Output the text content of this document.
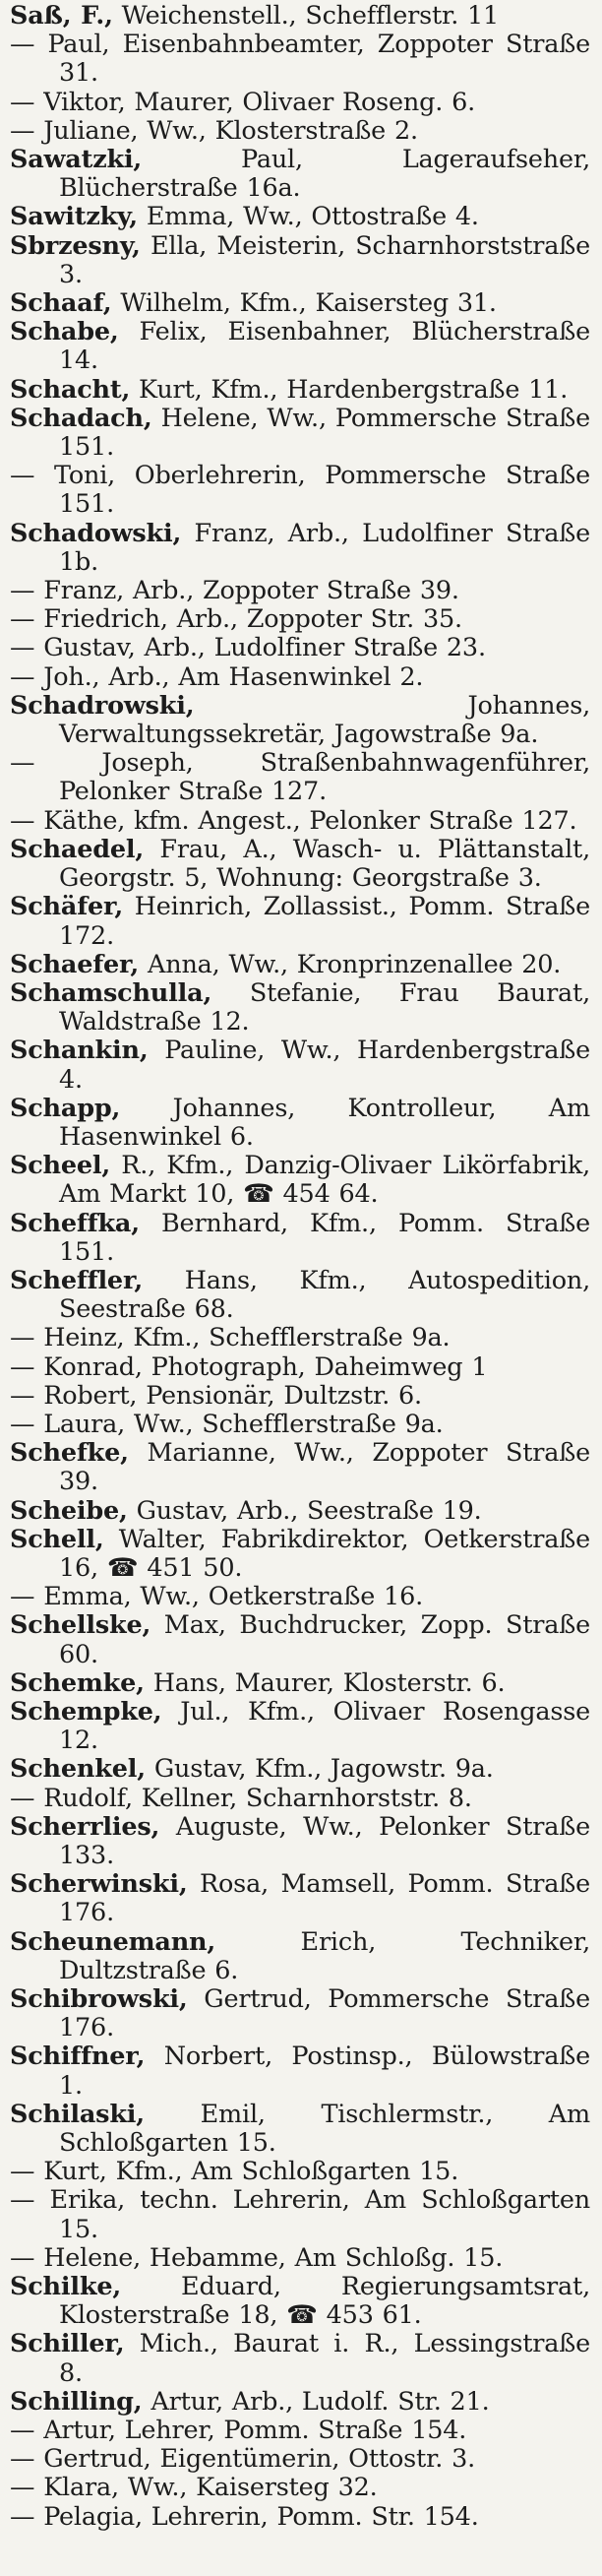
Saß, F., Weichenstell., Schefflerstr. 11

— Paul, Eisenbahnbeamter, Zoppoter Straße 31.

— Viktor, Maurer, Olivaer Roseng. 6.

— Juliane, Ww., Klosterstraße 2.

Sawatzki,	Paul, Lageraufseher, Blücherstraße 16a.

Sawitzky, Emma, Ww., Ottostraße 4.

Sbrzesny, Ella, Meisterin, Scharnhorststraße 3.

Schaaf, Wilhelm, Kfm., Kaisersteg 31.

Schabe, Felix, Eisenbahner, Blücherstraße 14.

Schacht, Kurt, Kfm., Hardenbergstraße 11.

Schadach, Helene, Ww., Pommersche Straße 151.

— Toni, Oberlehrerin, Pommersche Straße 151.

Schadowski, Franz, Arb., Ludolfiner Straße 1b.

— Franz, Arb., Zoppoter Straße 39.

— Friedrich, Arb., Zoppoter Str. 35.

— Gustav, Arb., Ludolfiner Straße 23.

— Joh., Arb., Am Hasenwinkel 2.

Schadrowski,	Johannes, Verwaltungssekretär, Jagowstraße 9a.

— Joseph, Straßenbahnwagenführer, Pelonker Straße 127.

— Käthe, kfm. Angest., Pelonker Straße 127.

Schaedel, Frau, A., Wasch- u. Plättanstalt, Georgstr. 5, Wohnung: Georgstraße 3.

Schäfer, Heinrich, Zollassist., Pomm. Straße 172.

Schaefer, Anna, Ww., Kronprinzenallee 20.

Schamschulla, Stefanie, Frau Baurat, Waldstraße 12.

Schankin, Pauline, Ww., Hardenbergstraße 4.

Schapp, Johannes, Kontrolleur, Am Hasenwinkel 6.

Scheel, R., Kfm., Danzig-Olivaer Likörfabrik, Am Markt 10, ☎ 454 64.

Scheffka, Bernhard, Kfm., Pomm. Straße 151.

Scheffler, Hans, Kfm., Autospedition, Seestraße 68.

— Heinz, Kfm., Schefflerstraße 9a.

— Konrad, Photograph, Daheimweg 1

— Robert, Pensionär, Dultzstr. 6.

— Laura, Ww., Schefflerstraße 9a.

Schefke, Marianne, Ww., Zoppoter Straße 39.

Scheibe, Gustav, Arb., Seestraße 19.

Schell, Walter, Fabrikdirektor, Oetkerstraße 16, ☎ 451 50.

— Emma, Ww., Oetkerstraße 16.

Schellske, Max, Buchdrucker, Zopp. Straße 60.

Schemke, Hans, Maurer, Klosterstr. 6.

Schempke, Jul., Kfm., Olivaer Rosengasse 12.

Schenkel, Gustav, Kfm., Jagowstr. 9a.

— Rudolf, Kellner, Scharnhorststr. 8.

Scherrlies, Auguste, Ww., Pelonker Straße 133.

Scherwinski, Rosa, Mamsell, Pomm. Straße 176.

Scheunemann,	Erich, Techniker, Dultzstraße 6.

Schibrowski, Gertrud, Pommersche Straße 176.

Schiffner, Norbert, Postinsp., Bülowstraße 1.

Schilaski, Emil, Tischlermstr., Am Schloßgarten 15.

— Kurt, Kfm., Am Schloßgarten 15.

— Erika, techn. Lehrerin, Am Schloßgarten 15.

— Helene, Hebamme, Am Schloßg. 15.

Schilke, Eduard, Regierungsamtsrat, Klosterstraße 18, ☎ 453 61.

Schiller, Mich., Baurat i. R., Lessingstraße 8.

Schilling, Artur, Arb., Ludolf. Str. 21.

— Artur, Lehrer, Pomm. Straße 154.

— Gertrud, Eigentümerin, Ottostr. 3.

— Klara, Ww., Kaisersteg 32.

— Pelagia, Lehrerin, Pomm. Str. 154.
